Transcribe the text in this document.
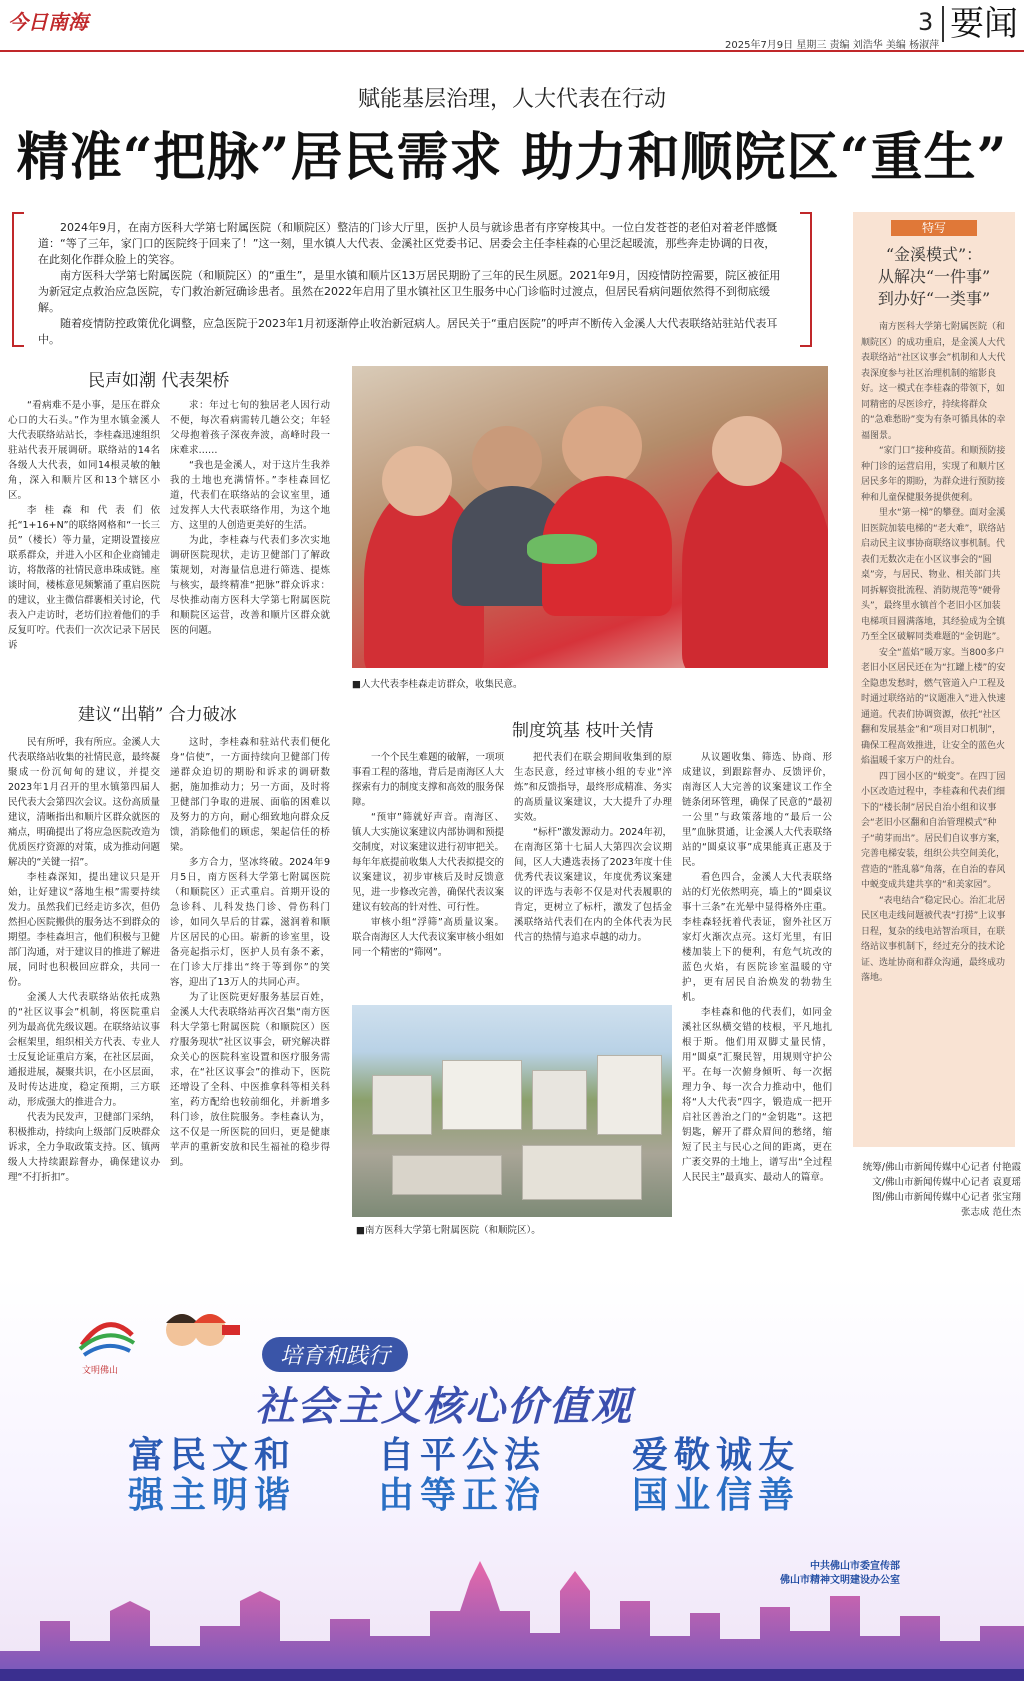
今日南海
2025年7月9日 星期三 责编 刘浩华 美编 杨淑萍
3 要闻
赋能基层治理，人大代表在行动
精准“把脉”居民需求 助力和顺院区“重生”

2024年9月，在南方医科大学第七附属医院（和顺院区）整洁的门诊大厅里，医护人员与就诊患者有序穿梭其中。一位白发苍苍的老伯对着老伴感慨道：“等了三年，家门口的医院终于回来了！”这一刻，里水镇人大代表、金溪社区党委书记、居委会主任李桂森的心里泛起暖流，那些奔走协调的日夜，在此刻化作群众脸上的笑容。

南方医科大学第七附属医院（和顺院区）的“重生”，是里水镇和顺片区13万居民期盼了三年的民生夙愿。2021年9月，因疫情防控需要，院区被征用为新冠定点救治应急医院，专门救治新冠确诊患者。虽然在2022年启用了里水镇社区卫生服务中心门诊临时过渡点，但居民看病问题依然得不到彻底缓解。

随着疫情防控政策优化调整，应急医院于2023年1月初逐渐停止收治新冠病人。居民关于“重启医院”的呼声不断传入金溪人大代表联络站驻站代表耳中。

民声如潮 代表架桥

“看病难不是小事，是压在群众心口的大石头。”作为里水镇金溪人大代表联络站站长，李桂森迅速组织驻站代表开展调研。联络站的14名各级人大代表，如同14根灵敏的触角，深入和顺片区和13个辖区小区。

李桂森和代表们依托“1+16+N”的联络网格和“一长三员”（楼长）等力量，定期设置接应联系群众，并进入小区和企业商铺走访，将散落的社情民意串珠成链。座谈时间，楼栋意见频繁涌了重启医院的建议，业主微信群裹相关讨论，代表入户走访时，老坊们拉着他们的手反复叮咛。代表们一次次记录下居民诉

求：年过七旬的独居老人因行动不便，每次看病需转几趟公交；年轻父母抱着孩子深夜奔波，高峰时段一床难求……

“我也是金溪人，对于这片生我养我的土地也充满情怀。”李桂森回忆道，代表们在联络站的会议室里，通过发挥人大代表联络作用，为这个地方、这里的人创造更美好的生活。

为此，李桂森与代表们多次实地调研医院现状，走访卫健部门了解政策规划，对海量信息进行筛选、提炼与核实，最终精准“把脉”群众诉求：尽快推动南方医科大学第七附属医院和顺院区运营，改善和顺片区群众就医的问题。

■人大代表李桂森走访群众，收集民意。
建议“出鞘” 合力破冰

民有所呼，我有所应。金溪人大代表联络站收集的社情民意，最终凝聚成一份沉甸甸的建议，并提交2023年1月召开的里水镇第四届人民代表大会第四次会议。这份高质量建议，清晰指出和顺片区群众就医的痛点，明确提出了将应急医院改造为优质医疗资源的对策，成为推动问题解决的“关键一招”。

李桂森深知，提出建议只是开始，让好建议“落地生根”需要持续发力。虽然我们已经走访多次，但仍然担心医院搬供的服务达不到群众的期望。李桂森坦言，他们积极与卫健部门沟通，对于建议目的推进了解进展，同时也积极回应群众，共同一份。

金溪人大代表联络站依托成熟的“社区议事会”机制，将医院重启列为最高优先级议题。在联络站议事会框架里，组织相关方代表、专业人士反复论证重启方案，在社区层面，通报进展，凝聚共识，在小区层面，及时传达进度，稳定预期，三方联动，形成强大的推进合力。

代表为民发声，卫健部门采纳，积极推动，持续向上级部门反映群众诉求，全力争取政策支持。区、镇两级人大持续跟踪督办，确保建议办理“不打折扣”。

这时，李桂森和驻站代表们便化身“信使”，一方面持续向卫健部门传递群众迫切的期盼和诉求的调研数据，施加推动力；另一方面，及时将卫健部门争取的进展、面临的困难以及努力的方向，耐心细致地向群众反馈，消除他们的顾虑，架起信任的桥梁。

多方合力，坚冰终破。2024年9月5日，南方医科大学第七附属医院（和顺院区）正式重启。首期开设的急诊科、儿科发热门诊、骨伤科门诊，如同久旱后的甘霖，滋润着和顺片区居民的心田。崭新的诊室里，设备亮起指示灯，医护人员有条不紊，在门诊大厅排出“终于等到你”的笑容，迎出了13万人的共同心声。

为了让医院更好服务基层百姓，金溪人大代表联络站再次召集“南方医科大学第七附属医院（和顺院区）医疗服务现状”社区议事会，研究解决群众关心的医院科室设置和医疗服务需求，在“社区议事会”的推动下，医院还增设了全科、中医推拿科等相关科室，药方配给也较前细化，并新增多科门诊，放住院服务。李桂森认为，这不仅是一所医院的回归，更是健康苹声的重新安放和民生福祉的稳步得到。

制度筑基 枝叶关情

一个个民生难题的破解，一项项事看工程的落地，背后是南海区人大探索有力的制度支撑和高效的服务保障。

“预审”筛就好声音。南海区、镇人大实施议案建议内部协调和预提交制度，对议案建议进行初审把关。每年年底提前收集人大代表拟提交的议案建议，初步审核后及时反馈意见，进一步修改完善，确保代表议案建议有较高的针对性、可行性。

审核小组“浮筛”高质量议案。联合南海区人大代表议案审核小组如同一个精密的“筛网”。

把代表们在联会期间收集到的原生态民意，经过审核小组的专业“淬炼”和反馈指导，最终形成精准、务实的高质量议案建议，大大提升了办理实效。

“标杆”激发源动力。2024年初，在南海区第十七届人大第四次会议期间，区人大遴选表扬了2023年度十佳优秀代表议案建议，年度优秀议案建议的评选与表彰不仅是对代表履职的肯定，更树立了标杆，激发了包括金溪联络站代表们在内的全体代表为民代言的热情与追求卓越的动力。

从议题收集、筛选、协商、形成建议，到跟踪督办、反馈评价，南海区人大完善的议案建议工作全链条闭环管理，确保了民意的“最初一公里”与政策落地的“最后一公里”血脉贯通，让金溪人大代表联络站的“圆桌议事”成果能真正惠及于民。

看色四合，金溪人大代表联络站的灯光依然明亮，墙上的“圆桌议事十三条”在光晕中显得格外庄重。李桂森轻抚着代表证，窗外社区万家灯火渐次点亮。这灯光里，有旧楼加装上下的便利，有危气坑改的蓝色火焰，有医院诊室温暖的守护，更有居民自治焕发的勃勃生机。

李桂森和他的代表们，如同金溪社区纵横交错的枝根，平凡地扎根于斯。他们用双脚丈量民情，用“圆桌”汇聚民智，用规则守护公平。在每一次俯身倾听、每一次据理力争、每一次合力推动中，他们将“人大代表”四字，锻造成一把开启社区善治之门的“金钥匙”。这把钥匙，解开了群众眉间的愁绪，缩短了民主与民心之间的距离，更在广袤交界的土地上，谱写出“全过程人民民主”最真实、最动人的篇章。

■南方医科大学第七附属医院（和顺院区）。
特写
“金溪模式”：
从解决“一件事”
到办好“一类事”

南方医科大学第七附属医院（和顺院区）的成功重启，是金溪人大代表联络站“社区议事会”机制和人大代表深度参与社区治理机制的缩影良好。这一模式在李桂森的带领下，如同精密的尽医诊疗，持续将群众的“急难愁盼”变为有条可循具体的幸福图景。

“家门口”接种疫苗。和顺预防接种门诊的运营启用，实现了和顺片区居民多年的期盼，为群众进行预防接种和儿童保健服务提供便利。

里水“第一梯”的攀登。面对金溪旧医院加装电梯的“老大难”，联络站启动民主议事协商联络议事机制。代表们无数次走在小区议事会的“圆桌”旁，与居民、物业、相关部门共同拆解资批流程、消防规范等“硬骨头”，最终里水镇首个老旧小区加装电梯项目圆满落地，其经验成为全镇乃至全区破解同类难题的“金钥匙”。

安全“蓝焰”暖万家。当800多户老旧小区居民还在为“扛罐上楼”的安全隐患发愁时，燃气管道入户工程及时通过联络站的“议题准入”进入快速通道。代表们协调资源，依托“社区翻和发展基金”和“项目对口机制”，确保工程高效推进，让安全的蓝色火焰温暖千家万户的灶台。

四丁园小区的“蜕变”。在四丁园小区改造过程中，李桂森和代表们细下的“楼长制”居民自治小组和议事会“老旧小区翻和自治管理模式”种子“萌芽而出”。居民们自议事方案，完善电梯安装，组织公共空间美化，营造的“胜乱慕”角落，在自治的春风中蜕变成共建共享的“和美家园”。

“表电结合”稳定民心。治汇北居民区电走线问题被代表“打捞”上议事日程，复杂的线电站智治项目，在联络站议事机制下，经过充分的技术论证、选址协商和群众沟通，最终成功落地。

统筹/佛山市新闻传媒中心记者 付艳霞
文/佛山市新闻传媒中心记者 袁夏瑶
图/佛山市新闻传媒中心记者 张宝翔
张志成 范仕杰
文明佛山
培育和践行
社会主义核心价值观
富
强
民
主
文
明
和
谐
自
由
平
等
公
正
法
治
爱
国
敬
业
诚
信
友
善
中共佛山市委宣传部
佛山市精神文明建设办公室
